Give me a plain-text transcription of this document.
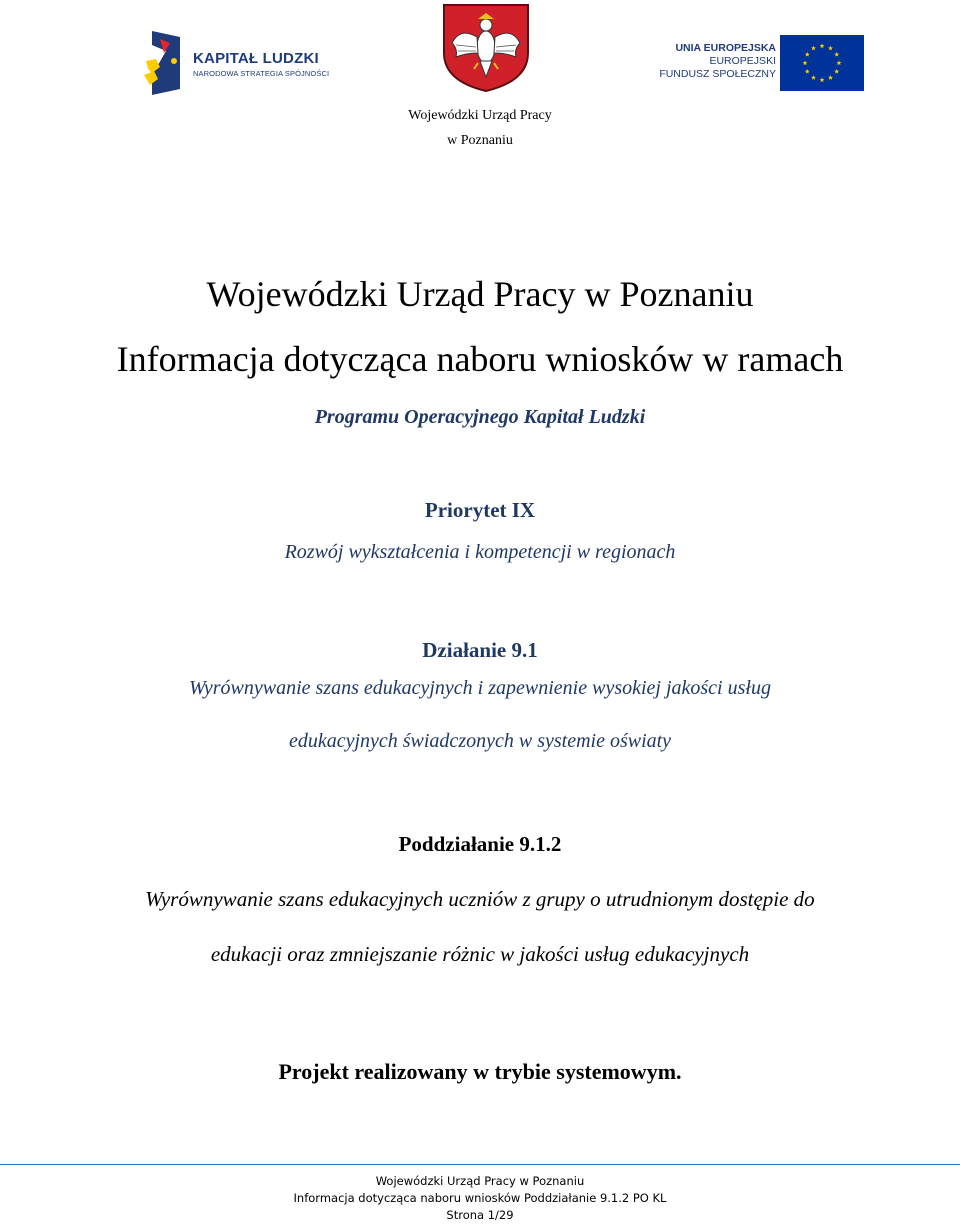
KAPITAŁ LUDZKI
NARODOWA STRATEGIA SPÓJNOŚCI
UNIA EUROPEJSKA
EUROPEJSKI
FUNDUSZ SPOŁECZNY
Wojewódzki Urząd Pracy
w Poznaniu
Wojewódzki Urząd Pracy w Poznaniu
Informacja dotycząca naboru wniosków w ramach
Programu Operacyjnego Kapitał Ludzki
Priorytet IX
Rozwój wykształcenia i kompetencji w regionach
Działanie 9.1
Wyrównywanie szans edukacyjnych i zapewnienie wysokiej jakości usług
edukacyjnych świadczonych w systemie oświaty
Poddziałanie 9.1.2
Wyrównywanie szans edukacyjnych uczniów z grupy o utrudnionym dostępie do
edukacji oraz zmniejszanie różnic w jakości usług edukacyjnych
Projekt realizowany w trybie systemowym.
Wojewódzki Urząd Pracy w Poznaniu
Informacja dotycząca naboru wniosków Poddziałanie 9.1.2 PO KL
Strona 1/29
